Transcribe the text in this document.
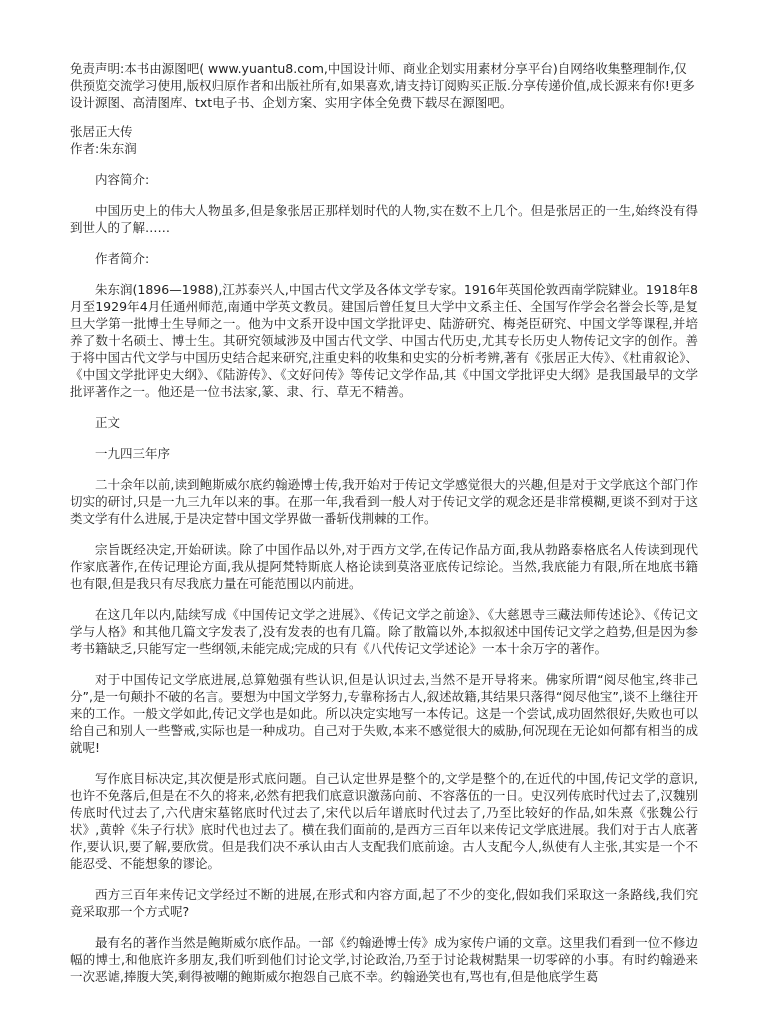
免责声明:本书由源图吧( www.yuantu8.com,中国设计师、商业企划实用素材分享平台)自网络收集整理制作,仅供预览交流学习使用,版权归原作者和出版社所有,如果喜欢,请支持订阅购买正版.分享传递价值,成长源来有你!更多设计源图、高清图库、txt电子书、企划方案、实用字体全免费下载尽在源图吧。

张居正大传

作者:朱东润

内容简介:

中国历史上的伟大人物虽多,但是象张居正那样划时代的人物,实在数不上几个。但是张居正的一生,始终没有得到世人的了解……

作者简介:

朱东润(1896—1988),江苏泰兴人,中国古代文学及各体文学专家。1916年英国伦敦西南学院肄业。1918年8月至1929年4月任通州师范,南通中学英文教员。建国后曾任复旦大学中文系主任、全国写作学会名誉会长等,是复旦大学第一批博士生导师之一。他为中文系开设中国文学批评史、陆游研究、梅尧臣研究、中国文学等课程,并培养了数十名硕士、博士生。其研究领域涉及中国古代文学、中国古代历史,尤其专长历史人物传记文字的创作。善于将中国古代文学与中国历史结合起来研究,注重史料的收集和史实的分析考辨,著有《张居正大传》、《杜甫叙论》、《中国文学批评史大纲》、《陆游传》、《文好问传》等传记文学作品,其《中国文学批评史大纲》是我国最早的文学批评著作之一。他还是一位书法家,篆、隶、行、草无不精善。

正文

一九四三年序

二十余年以前,读到鲍斯威尔底约翰逊博士传,我开始对于传记文学感觉很大的兴趣,但是对于文学底这个部门作切实的研讨,只是一九三九年以来的事。在那一年,我看到一般人对于传记文学的观念还是非常模糊,更谈不到对于这类文学有什么进展,于是决定替中国文学界做一番斩伐荆棘的工作。

宗旨既经决定,开始研读。除了中国作品以外,对于西方文学,在传记作品方面,我从勃路泰格底名人传读到现代作家底著作,在传记理论方面,我从提阿梵特斯底人格论读到莫洛亚底传记综论。当然,我底能力有限,所在地底书籍也有限,但是我只有尽我底力量在可能范围以内前进。

在这几年以内,陆续写成《中国传记文学之进展》、《传记文学之前途》、《大慈恩寺三藏法师传述论》、《传记文学与人格》和其他几篇文字发表了,没有发表的也有几篇。除了散篇以外,本拟叙述中国传记文学之趋势,但是因为参考书籍缺乏,只能写定一些纲领,未能完成;完成的只有《八代传记文学述论》一本十余万字的著作。

对于中国传记文学底进展,总算勉强有些认识,但是认识过去,当然不是开导将来。佛家所谓“阅尽他宝,终非己分”,是一句颠扑不破的名言。要想为中国文学努力,专靠称扬古人,叙述故籍,其结果只落得“阅尽他宝”,谈不上继往开来的工作。一般文学如此,传记文学也是如此。所以决定实地写一本传记。这是一个尝试,成功固然很好,失败也可以给自己和别人一些警戒,实际也是一种成功。自己对于失败,本来不感觉很大的威胁,何况现在无论如何都有相当的成就呢!

写作底目标决定,其次便是形式底问题。自己认定世界是整个的,文学是整个的,在近代的中国,传记文学的意识,也许不免落后,但是在不久的将来,必然有把我们底意识激荡向前、不容落伍的一日。史汉列传底时代过去了,汉魏别传底时代过去了,六代唐宋墓铭底时代过去了,宋代以后年谱底时代过去了,乃至比较好的作品,如朱熹《张魏公行状》,黄幹《朱子行状》底时代也过去了。横在我们面前的,是西方三百年以来传记文学底进展。我们对于古人底著作,要认识,要了解,要欣赏。但是我们决不承认由古人支配我们底前途。古人支配今人,纵使有人主张,其实是一个不能忍受、不能想象的谬论。

西方三百年来传记文学经过不断的进展,在形式和内容方面,起了不少的变化,假如我们采取这一条路线,我们究竟采取那一个方式呢?

最有名的著作当然是鲍斯威尔底作品。一部《约翰逊博士传》成为家传户诵的文章。这里我们看到一位不修边幅的博士,和他底许多朋友,我们听到他们讨论文学,讨论政治,乃至于讨论栽树黠果一切零碎的小事。有时约翰逊来一次恶谑,捧腹大笑,剩得被嘲的鲍斯威尔抱怨自己底不幸。约翰逊笑也有,骂也有,但是他底学生葛
